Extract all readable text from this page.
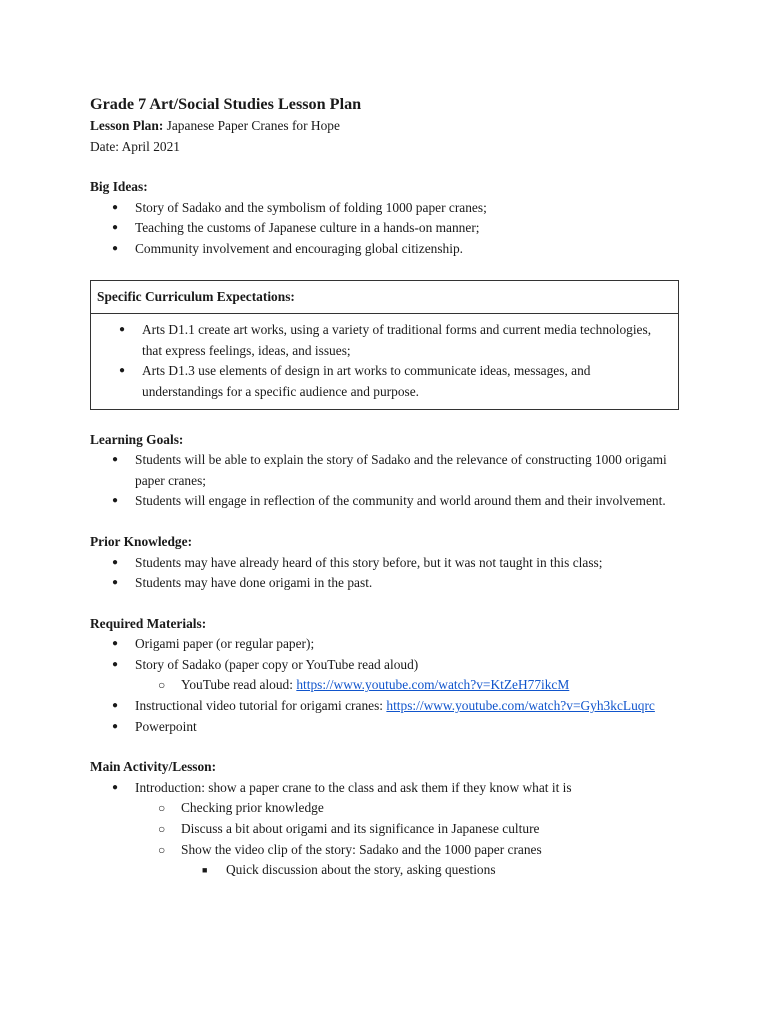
Grade 7 Art/Social Studies Lesson Plan
Lesson Plan: Japanese Paper Cranes for Hope
Date: April 2021
Big Ideas:
● Story of Sadako and the symbolism of folding 1000 paper cranes;
● Teaching the customs of Japanese culture in a hands-on manner;
● Community involvement and encouraging global citizenship.
Specific Curriculum Expectations:
● Arts D1.1 create art works, using a variety of traditional forms and current media technologies, that express feelings, ideas, and issues;
● Arts D1.3 use elements of design in art works to communicate ideas, messages, and understandings for a specific audience and purpose.
Learning Goals:
● Students will be able to explain the story of Sadako and the relevance of constructing 1000 origami paper cranes;
● Students will engage in reflection of the community and world around them and their involvement.
Prior Knowledge:
● Students may have already heard of this story before, but it was not taught in this class;
● Students may have done origami in the past.
Required Materials:
● Origami paper (or regular paper);
● Story of Sadako (paper copy or YouTube read aloud)
○ YouTube read aloud: https://www.youtube.com/watch?v=KtZeH77ikcM
● Instructional video tutorial for origami cranes: https://www.youtube.com/watch?v=Gyh3kcLuqrc
● Powerpoint
Main Activity/Lesson:
● Introduction: show a paper crane to the class and ask them if they know what it is
○ Checking prior knowledge
○ Discuss a bit about origami and its significance in Japanese culture
○ Show the video clip of the story: Sadako and the 1000 paper cranes
■ Quick discussion about the story, asking questions
